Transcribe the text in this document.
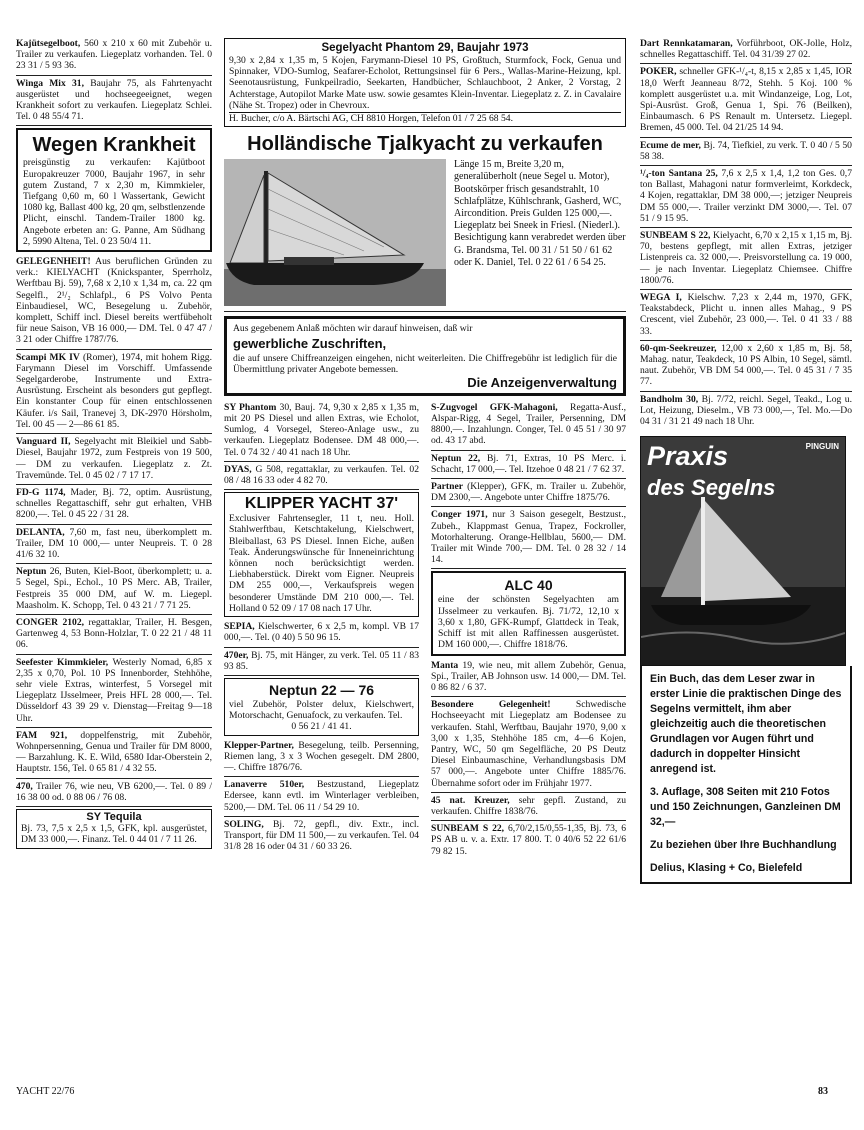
Kajütsegelboot, 560 x 210 x 60 mit Zubehör u. Trailer zu verkaufen. Liegeplatz vorhanden. Tel. 0 23 31 / 5 93 36.
Winga Mix 31, Baujahr 75, als Fahrtenyacht ausgerüstet und hochseegeeignet, wegen Krankheit sofort zu verkaufen. Liegeplatz Schlei. Tel. 0 48 55/4 71.
Wegen Krankheit
preisgünstig zu verkaufen: Kajütboot Europakreuzer 7000, Baujahr 1967, in sehr gutem Zustand, 7 x 2,30 m, Kimmkieler, Tiefgang 0,60 m, 60 l Wassertank, Gewicht 1080 kg, Ballast 400 kg, 20 qm, selbstlenzende Plicht, einschl. Tandem-Trailer 1800 kg. Angebote erbeten an: G. Panne, Am Südhang 2, 5990 Altena, Tel. 0 23 50/4 11.
GELEGENHEIT! Aus beruflichen Gründen zu verk.: KIELYACHT (Knickspanter, Sperrholz, Werftbau Bj. 59), 7,68 x 2,10 x 1,34 m, ca. 22 qm Segelfl., 2¹/₂ Schlafpl., 6 PS Volvo Penta Einbaudiesel, WC, Besegelung u. Zubehör, komplett, Schiff incl. Diesel bereits wertfübeholt für neue Saison, VB 16 000,— DM. Tel. 0 47 47 / 3 21 oder Chiffre 1787/76.
Scampi MK IV (Romer), 1974, mit hohem Rigg. Farymann Diesel im Vorschiff. Umfassende Segelgarderobe, Instrumente und Extra-Ausrüstung. Erscheint als besonders gut gepflegt. Ein konstanter Coup für einen entschlossenen Käufer. i/s Sail, Tranevej 3, DK-2970 Hörsholm, Tel. 00 45 — 2—86 61 85.
Vanguard II, Segelyacht mit Bleikiel und Sabb-Diesel, Baujahr 1972, zum Festpreis von 19 500,— DM zu verkaufen. Liegeplatz z. Zt. Travemünde. Tel. 0 45 02 / 7 17 17.
FD-G 1174, Mader, Bj. 72, optim. Ausrüstung, schnelles Regattaschiff, sehr gut erhalten, VHB 8200,—. Tel. 0 45 22 / 31 28.
DELANTA, 7,60 m, fast neu, überkomplett m. Trailer, DM 10 000,— unter Neupreis. T. 0 28 41/6 32 10.
Neptun 26, Buten, Kiel-Boot, überkomplett; u. a. 5 Segel, Spi., Echol., 10 PS Merc. AB, Trailer, Festpreis 35 000 DM, auf W. m. Liegepl. Maasholm. K. Schopp, Tel. 0 43 21 / 7 71 25.
CONGER 2102, regattaklar, Trailer, H. Besgen, Gartenweg 4, 53 Bonn-Holzlar, T. 0 22 21 / 48 11 06.
Seefester Kimmkieler, Westerly Nomad, 6,85 x 2,35 x 0,70, Pol. 10 PS Innenborder, Stehhöhe, sehr viele Extras, winterfest, 5 Vorsegel mit Liegeplatz IJsselmeer, Preis HFL 28 000,—. Tel. Düsseldorf 43 39 29 v. Dienstag—Freitag 9—18 Uhr.
FAM 921, doppelfenstrig, mit Zubehör, Wohnpersenning, Genua und Trailer für DM 8000,— Barzahlung. K. E. Wild, 6580 Idar-Oberstein 2, Hauptstr. 156, Tel. 0 65 81 / 4 32 55.
470, Trailer 76, wie neu, VB 6200,—. Tel. 0 89 / 16 38 00 od. 0 88 06 / 76 08.
SY Tequila
Bj. 73, 7,5 x 2,5 x 1,5, GFK, kpl. ausgerüstet, DM 33 000,—. Finanz. Tel. 0 44 01 / 7 11 26.
Segelyacht Phantom 29, Baujahr 1973
9,30 x 2,84 x 1,35 m, 5 Kojen, Farymann-Diesel 10 PS, Großtuch, Sturmfock, Fock, Genua und Spinnaker, VDO-Sumlog, Seafarer-Echolot, Rettungsinsel für 6 Pers., Wallas-Marine-Heizung, kpl. Seenotausrüstung, Funkpeilradio, Seekarten, Handbücher, Schlauchboot, 2 Anker, 2 Vorstag, 2 Achterstage, Autopilot Marke Mate usw. sowie gesamtes Klein-Inventar. Liegeplatz z. Z. in Cavalaire (Nähe St. Tropez) oder in Chevroux.
H. Bucher, c/o A. Bärtschi AG, CH 8810 Horgen, Telefon 01 / 7 25 68 54.
Holländische Tjalkyacht zu verkaufen
Länge 15 m, Breite 3,20 m, generalüberholt (neue Segel u. Motor), Bootskörper frisch gesandstrahlt, 10 Schlafplätze, Kühlschrank, Gasherd, WC, Aircondition. Preis Gulden 125 000,—. Liegeplatz bei Sneek in Friesl. (Niederl.). Besichtigung kann verabredet werden über G. Brandsma, Tel. 00 31 / 51 50 / 61 62 oder K. Daniel, Tel. 0 22 61 / 6 54 25.
Aus gegebenem Anlaß möchten wir darauf hinweisen, daß wir
gewerbliche Zuschriften,
die auf unsere Chiffreanzeigen eingehen, nicht weiterleiten. Die Chiffregebühr ist lediglich für die Übermittlung privater Angebote bemessen.
Die Anzeigenverwaltung
SY Phantom 30, Bauj. 74, 9,30 x 2,85 x 1,35 m, mit 20 PS Diesel und allen Extras, wie Echolot, Sumlog, 4 Vorsegel, Stereo-Anlage usw., zu verkaufen. Liegeplatz Bodensee. DM 48 000,—. Tel. 0 74 32 / 40 41 nach 18 Uhr.
DYAS, G 508, regattaklar, zu verkaufen. Tel. 02 08 / 48 16 33 oder 4 82 70.
KLIPPER YACHT 37'
Exclusiver Fahrtensegler, 11 t, neu. Holl. Stahlwerftbau, Ketschtakelung, Kielschwert, Bleiballast, 63 PS Diesel. Innen Eiche, außen Teak. Änderungswünsche für Inneneinrichtung können noch berücksichtigt werden. Liebhaberstück. Direkt vom Eigner. Neupreis DM 255 000,—, Verkaufspreis wegen besonderer Umstände DM 210 000,—. Tel. Holland 0 52 09 / 17 08 nach 17 Uhr.
SEPIA, Kielschwerter, 6 x 2,5 m, kompl. VB 17 000,—. Tel. (0 40) 5 50 96 15.
470er, Bj. 75, mit Hänger, zu verk. Tel. 05 11 / 83 93 85.
Neptun 22 — 76
viel Zubehör, Polster delux, Kielschwert, Motorschacht, Genuafock, zu verkaufen. Tel.
0 56 21 / 41 41.
Klepper-Partner, Besegelung, teilb. Persenning, Riemen lang, 3 x 3 Wochen gesegelt. DM 2800,—. Chiffre 1876/76.
Lanaverre 510er, Bestzustand, Liegeplatz Edersee, kann evtl. im Winterlager verbleiben, 5200,— DM. Tel. 06 11 / 54 29 10.
SOLING, Bj. 72, gepfl., div. Extr., incl. Transport, für DM 11 500,— zu verkaufen. Tel. 04 31/8 28 16 oder 04 31 / 60 33 26.
S-Zugvogel GFK-Mahagoni, Regatta-Ausf., Alspar-Rigg, 4 Segel, Trailer, Persenning, DM 8800,—. Inzahlungn. Conger, Tel. 0 45 51 / 30 97 od. 43 17 abd.
Neptun 22, Bj. 71, Extras, 10 PS Merc. i. Schacht, 17 000,—. Tel. Itzehoe 0 48 21 / 7 62 37.
Partner (Klepper), GFK, m. Trailer u. Zubehör, DM 2300,—. Angebote unter Chiffre 1875/76.
Conger 1971, nur 3 Saison gesegelt, Bestzust., Zubeh., Klappmast Genua, Trapez, Fockroller, Motorhalterung. Orange-Hellblau, 5600,— DM. Trailer mit Winde 700,— DM. Tel. 0 28 32 / 14 14.
ALC 40
eine der schönsten Segelyachten am IJsselmeer zu verkaufen. Bj. 71/72, 12,10 x 3,60 x 1,80, GFK-Rumpf, Glattdeck in Teak, Schiff ist mit allen Raffinessen ausgerüstet. DM 160 000,—. Chiffre 1818/76.
Manta 19, wie neu, mit allem Zubehör, Genua, Spi., Trailer, AB Johnson usw. 14 000,— DM. Tel. 0 86 82 / 6 37.
Besondere Gelegenheit! Schwedische Hochseeyacht mit Liegeplatz am Bodensee zu verkaufen. Stahl, Werftbau, Baujahr 1970, 9,00 x 3,00 x 1,35, Stehhöhe 185 cm, 4—6 Kojen, Pantry, WC, 50 qm Segelfläche, 20 PS Deutz Diesel Einbaumaschine, Verhandlungsbasis DM 57 000,—. Angebote unter Chiffre 1885/76. Übernahme sofort oder im Frühjahr 1977.
45 nat. Kreuzer, sehr gepfl. Zustand, zu verkaufen. Chiffre 1838/76.
SUNBEAM S 22, 6,70/2,15/0,55-1,35, Bj. 73, 6 PS AB u. v. a. Extr. 17 800. T. 0 40/6 52 22 61/6 79 82 15.
Dart Rennkatamaran, Vorführboot, OK-Jolle, Holz, schnelles Regattaschiff. Tel. 04 31/39 27 02.
POKER, schneller GFK-¹/₄-t, 8,15 x 2,85 x 1,45, IOR 18,0 Werft Jeanneau 8/72, Stehh. 5 Koj. 100 % komplett ausgerüstet u.a. mit Windanzeige, Log, Lot, Spi-Ausrüst. Groß, Genua 1, Spi. 76 (Beilken), Einbaumasch. 6 PS Renault m. Untersetz. Liegepl. Bremen, 45 000. Tel. 04 21/25 14 94.
Ecume de mer, Bj. 74, Tiefkiel, zu verk. T. 0 40 / 5 50 58 38.
¹/₄-ton Santana 25, 7,6 x 2,5 x 1,4, 1,2 ton Ges. 0,7 ton Ballast, Mahagoni natur formverleimt, Korkdeck, 4 Kojen, regattaklar, DM 38 000,—; jetziger Neupreis DM 55 000,—. Trailer verzinkt DM 3000,—. Tel. 07 51 / 9 15 95.
SUNBEAM S 22, Kielyacht, 6,70 x 2,15 x 1,15 m, Bj. 70, bestens gepflegt, mit allen Extras, jetziger Listenpreis ca. 32 000,—. Preisvorstellung ca. 19 000,— je nach Inventar. Liegeplatz Chiemsee. Chiffre 1800/76.
WEGA I, Kielschw. 7,23 x 2,44 m, 1970, GFK, Teakstabdeck, Plicht u. innen alles Mahag., 9 PS Crescent, viel Zubehör, 23 000,—. Tel. 0 41 33 / 88 33.
60-qm-Seekreuzer, 12,00 x 2,60 x 1,85 m, Bj. 58, Mahag. natur, Teakdeck, 10 PS Albin, 10 Segel, sämtl. naut. Zubehör, VB DM 54 000,—. Tel. 0 45 31 / 7 35 77.
Bandholm 30, Bj. 7/72, reichl. Segel, Teakd., Log u. Lot, Heizung, Dieselm., VB 73 000,—, Tel. Mo.—Do 04 31 / 31 21 49 nach 18 Uhr.
Praxis
des Segelns
PINGUIN

Ein Buch, das dem Leser zwar in erster Linie die praktischen Dinge des Segelns vermittelt, ihm aber gleichzeitig auch die theoretischen Grundlagen vor Augen führt und dadurch in doppelter Hinsicht anregend ist.

3. Auflage, 308 Seiten mit 210 Fotos und 150 Zeichnungen, Ganzleinen DM 32,—

Zu beziehen über Ihre Buchhandlung

Delius, Klasing + Co, Bielefeld

YACHT 22/76	83
